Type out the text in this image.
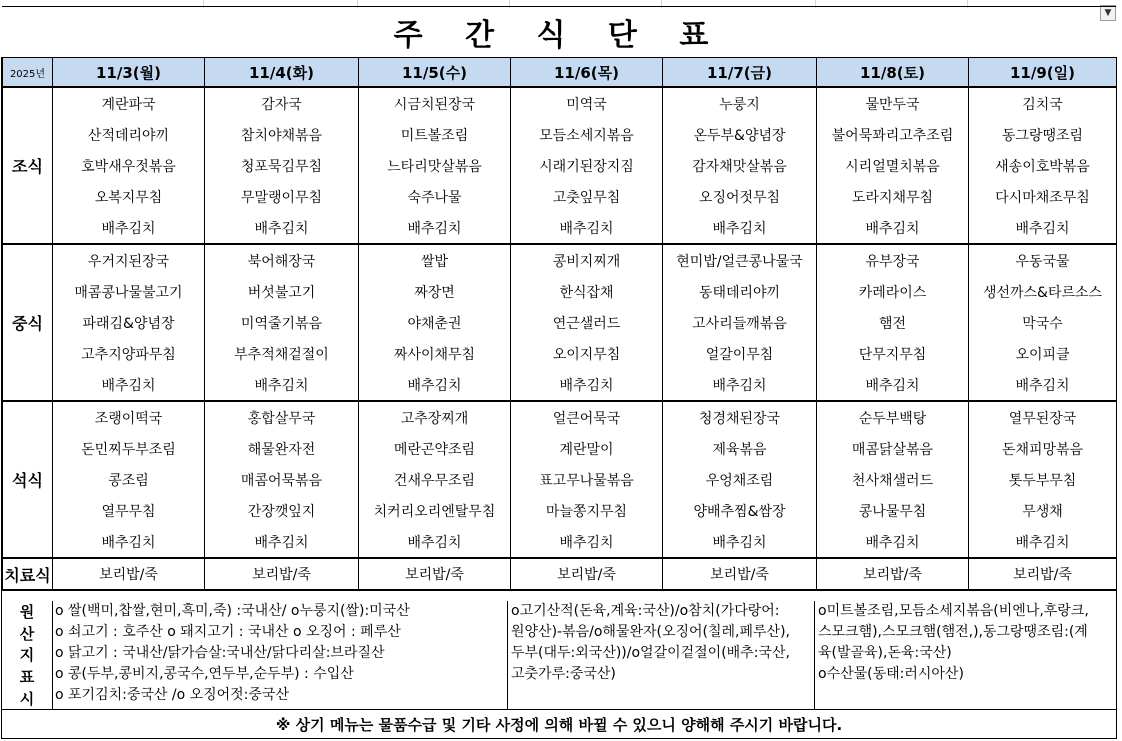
▼
주 간 식 단 표
2025년	11/3(월)	11/4(화)	11/5(수)	11/6(목)	11/7(금)	11/8(토)	11/9(일)
조식	계란파국	감자국	시금치된장국	미역국	누룽지	물만두국	김치국
	산적데리야끼	참치야채볶음	미트볼조림	모듬소세지볶음	온두부&양념장	불어묵꽈리고추조림	동그랑땡조림
	호박새우젓볶음	청포묵김무침	느타리맛살볶음	시래기된장지짐	감자채맛살볶음	시리얼멸치볶음	새송이호박볶음
	오복지무침	무말랭이무침	숙주나물	고춧잎무침	오징어젓무침	도라지채무침	다시마채조무침
	배추김치	배추김치	배추김치	배추김치	배추김치	배추김치	배추김치
중식	우거지된장국	북어해장국	쌀밥	콩비지찌개	현미밥/얼큰콩나물국	유부장국	우동국물
	매콤콩나물불고기	버섯불고기	짜장면	한식잡채	동태데리야끼	카레라이스	생선까스&타르소스
	파래김&양념장	미역줄기볶음	야채춘권	연근샐러드	고사리들깨볶음	햄전	막국수
	고추지양파무침	부추적채겉절이	짜사이채무침	오이지무침	얼갈이무침	단무지무침	오이피클
	배추김치	배추김치	배추김치	배추김치	배추김치	배추김치	배추김치
석식	조랭이떡국	홍합살무국	고추장찌개	얼큰어묵국	청경채된장국	순두부백탕	열무된장국
	돈민찌두부조림	해물완자전	메란곤약조림	계란말이	제육볶음	매콤닭살볶음	돈채피망볶음
	콩조림	매콤어묵볶음	건새우무조림	표고무나물볶음	우엉채조림	천사채샐러드	톳두부무침
	열무무침	간장깻잎지	치커리오리엔탈무침	마늘쫑지무침	양배추찜&쌈장	콩나물무침	무생채
	배추김치	배추김치	배추김치	배추김치	배추김치	배추김치	배추김치
치료식	보리밥/죽	보리밥/죽	보리밥/죽	보리밥/죽	보리밥/죽	보리밥/죽	보리밥/죽
원
산
지
표
시
o 쌀(백미,찹쌀,현미,흑미,죽) :국내산/ o누룽지(쌀):미국산
o 쇠고기 : 호주산 o 돼지고기 : 국내산 o 오징어 : 페루산
o 닭고기 : 국내산/닭가슴살:국내산/닭다리살:브라질산
o 콩(두부,콩비지,콩국수,연두부,순두부) : 수입산
o 포기김치:중국산 /o 오징어젓:중국산
o고기산적(돈육,계육:국산)/o참치(가다랑어:
원양산)-볶음/o해물완자(오징어(칠레,페루산),
두부(대두:외국산))/o얼갈이겉절이(배추:국산,
고춧가루:중국산)
o미트볼조림,모듬소세지볶음(비엔나,후랑크,
스모크햄),스모크햄(햄전,),동그랑땡조림:(계
육(발골육),돈육:국산)
o수산물(동태:러시아산)
※ 상기 메뉴는 물품수급 및 기타 사정에 의해 바뀔 수 있으니 양해해 주시기 바랍니다.
